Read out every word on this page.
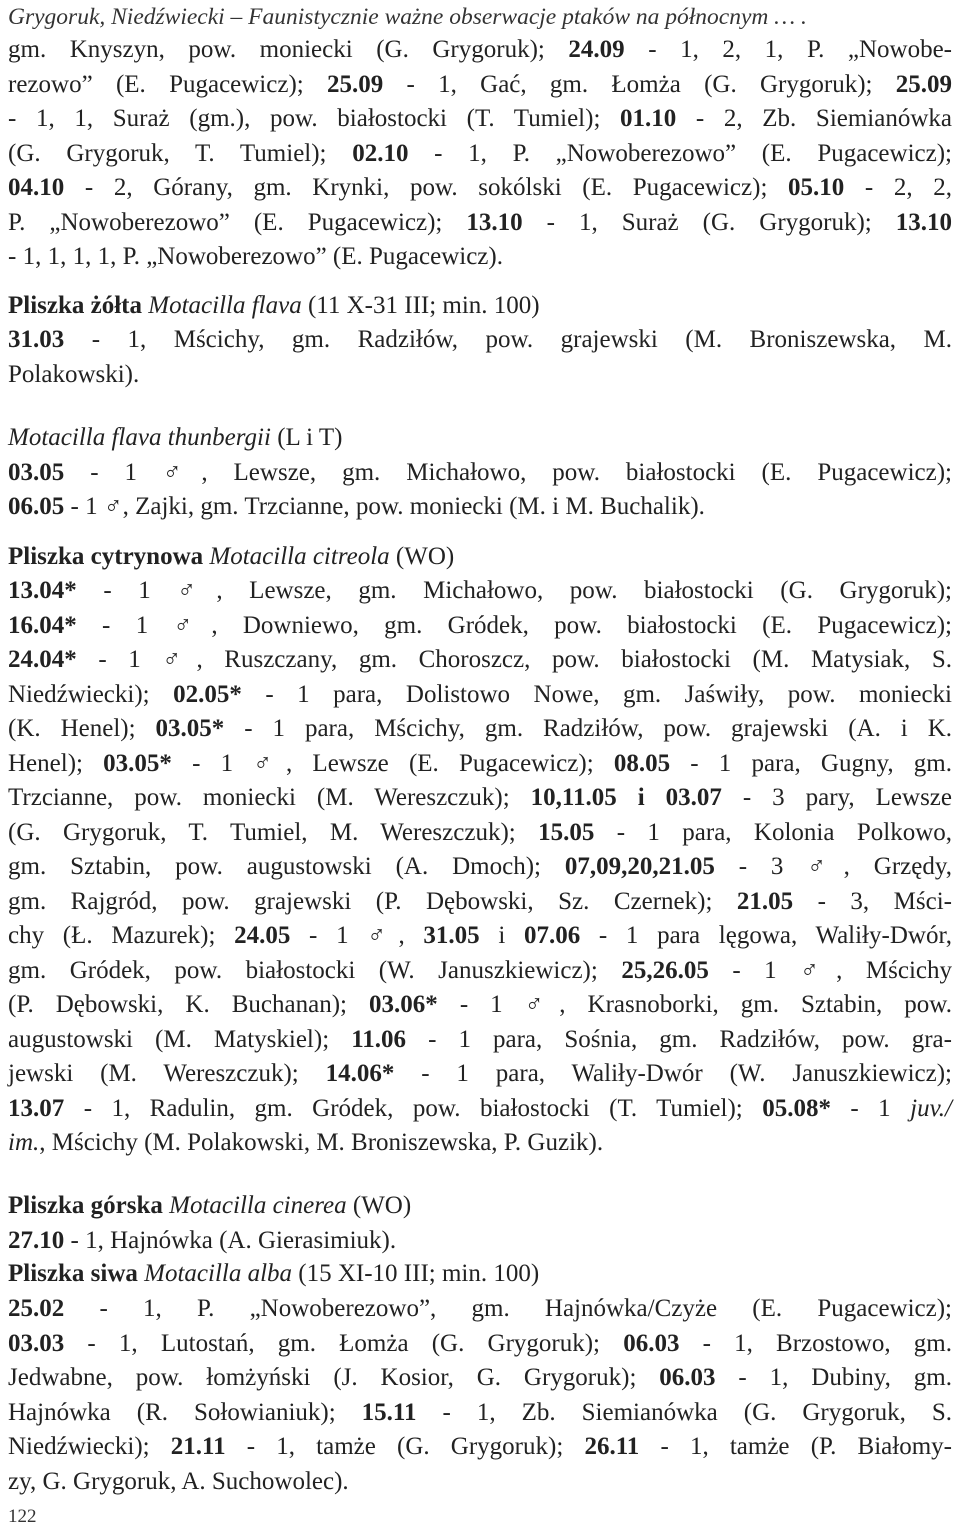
Grygoruk, Niedźwiecki – Faunistycznie ważne obserwacje ptaków na północnym … .
gm. Knyszyn, pow. moniecki (G. Grygoruk); 24.09 - 1, 2, 1, P. „Nowobe-
rezowo” (E. Pugacewicz); 25.09 - 1, Gać, gm. Łomża (G. Grygoruk); 25.09
- 1, 1, Suraż (gm.), pow. białostocki (T. Tumiel); 01.10 - 2, Zb. Siemianówka
(G. Grygoruk, T. Tumiel); 02.10 - 1, P. „Nowoberezowo” (E. Pugacewicz);
04.10 - 2, Górany, gm. Krynki, pow. sokólski (E. Pugacewicz); 05.10 - 2, 2,
P. „Nowoberezowo” (E. Pugacewicz); 13.10 - 1, Suraż (G. Grygoruk); 13.10
- 1, 1, 1, 1, P. „Nowoberezowo” (E. Pugacewicz).
Pliszka żółta Motacilla flava (11 X-31 III; min. 100)
31.03 - 1, Mścichy, gm. Radziłów, pow. grajewski (M. Broniszewska, M.
Polakowski).
Motacilla flava thunbergii (L i T)
03.05 - 1 ♂, Lewsze, gm. Michałowo, pow. białostocki (E. Pugacewicz);
06.05 - 1 ♂, Zajki, gm. Trzcianne, pow. moniecki (M. i M. Buchalik).
Pliszka cytrynowa Motacilla citreola (WO)
13.04* - 1 ♂, Lewsze, gm. Michałowo, pow. białostocki (G. Grygoruk);
16.04* - 1 ♂, Downiewo, gm. Gródek, pow. białostocki (E. Pugacewicz);
24.04* - 1 ♂, Ruszczany, gm. Choroszcz, pow. białostocki (M. Matysiak, S.
Niedźwiecki); 02.05* - 1 para, Dolistowo Nowe, gm. Jaświły, pow. moniecki
(K. Henel); 03.05* - 1 para, Mścichy, gm. Radziłów, pow. grajewski (A. i K.
Henel); 03.05* - 1 ♂, Lewsze (E. Pugacewicz); 08.05 - 1 para, Gugny, gm.
Trzcianne, pow. moniecki (M. Wereszczuk); 10,11.05 i 03.07 - 3 pary, Lewsze
(G. Grygoruk, T. Tumiel, M. Wereszczuk); 15.05 - 1 para, Kolonia Polkowo,
gm. Sztabin, pow. augustowski (A. Dmoch); 07,09,20,21.05 - 3 ♂, Grzędy,
gm. Rajgród, pow. grajewski (P. Dębowski, Sz. Czernek); 21.05 - 3, Mści-
chy (Ł. Mazurek); 24.05 - 1 ♂, 31.05 i 07.06 - 1 para lęgowa, Waliły-Dwór,
gm. Gródek, pow. białostocki (W. Januszkiewicz); 25,26.05 - 1 ♂, Mścichy
(P. Dębowski, K. Buchanan); 03.06* - 1 ♂, Krasnoborki, gm. Sztabin, pow.
augustowski (M. Matyskiel); 11.06 - 1 para, Sośnia, gm. Radziłów, pow. gra-
jewski (M. Wereszczuk); 14.06* - 1 para, Waliły-Dwór (W. Januszkiewicz);
13.07 - 1, Radulin, gm. Gródek, pow. białostocki (T. Tumiel); 05.08* - 1 juv./
im., Mścichy (M. Polakowski, M. Broniszewska, P. Guzik).
Pliszka górska Motacilla cinerea (WO)
27.10 - 1, Hajnówka (A. Gierasimiuk).
Pliszka siwa Motacilla alba (15 XI-10 III; min. 100)
25.02 - 1, P. „Nowoberezowo”, gm. Hajnówka/Czyże (E. Pugacewicz);
03.03 - 1, Lutostań, gm. Łomża (G. Grygoruk); 06.03 - 1, Brzostowo, gm.
Jedwabne, pow. łomżyński (J. Kosior, G. Grygoruk); 06.03 - 1, Dubiny, gm.
Hajnówka (R. Sołowianiuk); 15.11 - 1, Zb. Siemianówka (G. Grygoruk, S.
Niedźwiecki); 21.11 - 1, tamże (G. Grygoruk); 26.11 - 1, tamże (P. Białomy-
zy, G. Grygoruk, A. Suchowolec).
122
